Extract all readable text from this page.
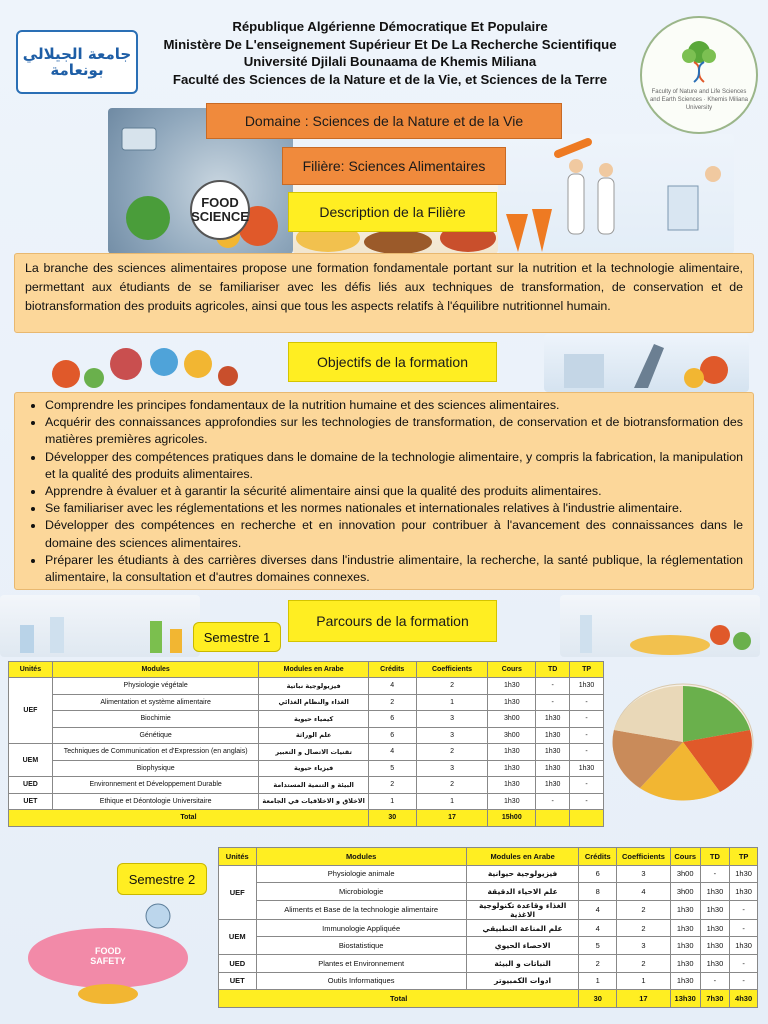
جامعة الجيلالي
بونعامة
République Algérienne Démocratique Et Populaire
Ministère De L'enseignement Supérieur Et De La Recherche Scientifique
Université Djilali Bounaama de Khemis Miliana
Faculté des Sciences de la Nature et de la Vie, et Sciences de la Terre
Faculty of Nature and Life Sciences and Earth Sciences · Khemis Miliana University
FOOD SCIENCE
Domaine : Sciences de la Nature et de la Vie
Filière: Sciences Alimentaires
Description de la Filière
La branche des sciences alimentaires propose une formation fondamentale portant sur la nutrition et la technologie alimentaire, permettant aux étudiants de se familiariser avec les défis liés aux techniques de transformation, de conservation et de biotransformation des produits agricoles, ainsi que tous les aspects relatifs à l'équilibre nutritionnel humain.
Objectifs de la formation
• Comprendre les principes fondamentaux de la nutrition humaine et des sciences alimentaires.
• Acquérir des connaissances approfondies sur les technologies de transformation, de conservation et de biotransformation des matières premières agricoles.
• Développer des compétences pratiques dans le domaine de la technologie alimentaire, y compris la fabrication, la manipulation et la qualité des produits alimentaires.
• Apprendre à évaluer et à garantir la sécurité alimentaire ainsi que la qualité des produits alimentaires.
• Se familiariser avec les réglementations et les normes nationales et internationales relatives à l'industrie alimentaire.
• Développer des compétences en recherche et en innovation pour contribuer à l'avancement des connaissances dans le domaine des sciences alimentaires.
• Préparer les étudiants à des carrières diverses dans l'industrie alimentaire, la recherche, la santé publique, la réglementation alimentaire, la consultation et d'autres domaines connexes.
Parcours de la formation
Semestre 1
Unités	Modules	Modules en Arabe	Crédits	Coefficients	Cours	TD	TP
UEF	Physiologie végétale	فيزيولوجية نباتية	4	2	1h30	-	1h30
	Alimentation et système alimentaire	الغذاء والنظام الغذائي	2	1	1h30	-	-
	Biochimie	كيمياء حيوية	6	3	3h00	1h30	-
	Génétique	علم الوراثة	6	3	3h00	1h30	-
UEM	Techniques de Communication et d'Expression (en anglais)	تقنيات الاتصال و التعبير	4	2	1h30	1h30	-
	Biophysique	فيزياء حيوية	5	3	1h30	1h30	1h30
UED	Environnement et Développement Durable	البيئة و التنمية المستدامة	2	2	1h30	1h30	-
UET	Ethique et Déontologie Universitaire	الاخلاق و الاخلاقيات في الجامعة	1	1	1h30	-	-
Total			30	17	15h00		
Semestre 2
FOOD SAFETY
Unités	Modules	Modules en Arabe	Crédits	Coefficients	Cours	TD	TP
UEF	Physiologie animale	فيزيولوجية حيوانية	6	3	3h00	-	1h30
	Microbiologie	علم الاحياء الدقيقة	8	4	3h00	1h30	1h30
	Aliments et Base de la technologie alimentaire	الغذاء وقاعدة تكنولوجية الاغذية	4	2	1h30	1h30	-
UEM	Immunologie Appliquée	علم المناعة التطبيقي	4	2	1h30	1h30	-
	Biostatistique	الاحصاء الحيوي	5	3	1h30	1h30	1h30
UED	Plantes et Environnement	النباتات و البيئة	2	2	1h30	1h30	-
UET	Outils Informatiques	ادوات الكمبيوتر	1	1	1h30	-	-
Total			30	17	13h30	7h30	4h30
